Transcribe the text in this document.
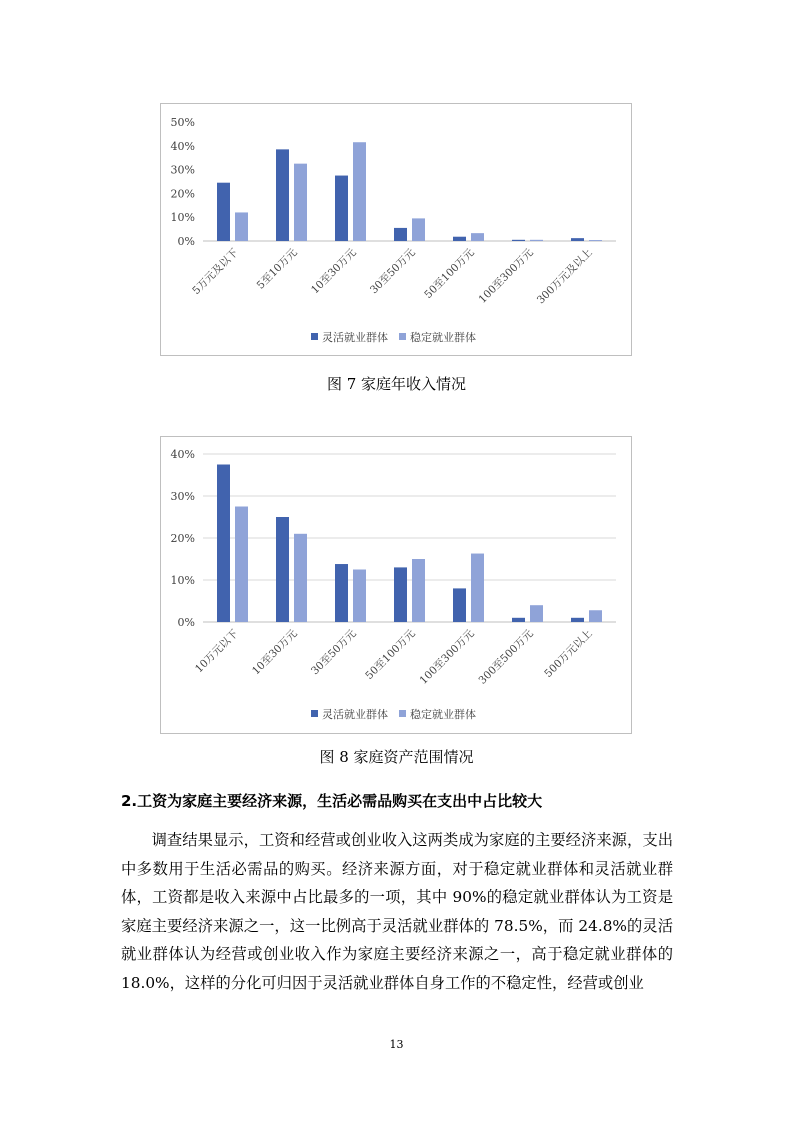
0%
10%
20%
30%
40%
50%
5万元及以下 5至10万元 10至30万元 30至50万元 50至100万元 100至300万元 300万元及以上
灵活就业群体 稳定就业群体
图 7 家庭年收入情况
0%
10%
20%
30%
40%
10万元以下 10至30万元 30至50万元 50至100万元 100至300万元 300至500万元 500万元以上
灵活就业群体 稳定就业群体
图 8 家庭资产范围情况
2.工资为家庭主要经济来源，生活必需品购买在支出中占比较大

调查结果显示，工资和经营或创业收入这两类成为家庭的主要经济来源，支出中多数用于生活必需品的购买。经济来源方面，对于稳定就业群体和灵活就业群体，工资都是收入来源中占比最多的一项，其中 90%的稳定就业群体认为工资是家庭主要经济来源之一，这一比例高于灵活就业群体的 78.5%，而 24.8%的灵活就业群体认为经营或创业收入作为家庭主要经济来源之一，高于稳定就业群体的 18.0%，这样的分化可归因于灵活就业群体自身工作的不稳定性，经营或创业

13
